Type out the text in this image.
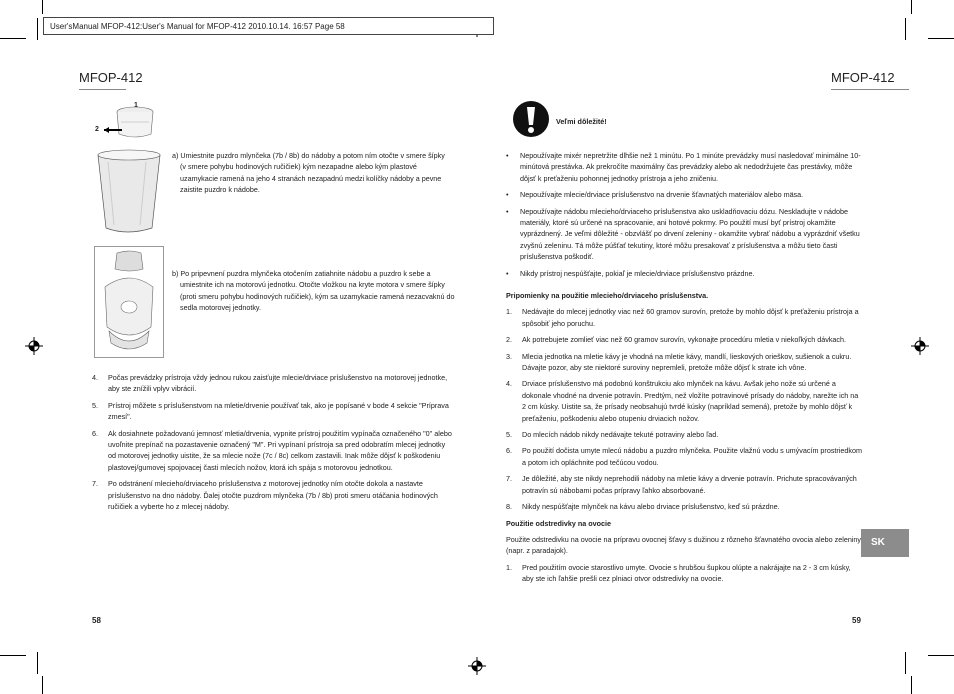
User'sManual MFOP-412:User's Manual for MFOP-412 2010.10.14. 16:57 Page 58
MFOP-412	MFOP-412
1
2
a) Umiestnite puzdro mlynčeka (7b / 8b) do nádoby a potom ním otočte v smere šípky (v smere pohybu hodinových ručičiek) kým nezapadne alebo kým plastové uzamykacie ramená na jeho 4 stranách nezapadnú medzi kolíčky nádoby a pevne zaistite puzdro k nádobe.
b) Po pripevnení puzdra mlynčeka otočením zatiahnite nádobu a puzdro k sebe a umiestnite ich na motorovú jednotku. Otočte vložkou na kryte motora v smere šípky (proti smeru pohybu hodinových ručičiek), kým sa uzamykacie ramená nezacvaknú do sedla motorovej jednotky.
4.	Počas prevádzky prístroja vždy jednou rukou zaisťujte mlecie/drviace príslušenstvo na motorovej jednotke, aby ste znížili vplyv vibrácií.
5.	Prístroj môžete s príslušenstvom na mletie/drvenie používať tak, ako je popísané v bode 4 sekcie "Príprava zmesí".
6.	Ak dosiahnete požadovanú jemnosť mletia/drvenia, vypnite prístroj použitím vypínača označeného "0" alebo uvoľnite prepínač na pozastavenie označený "M". Pri vypínaní prístroja sa pred odobratím mlecej jednotky od motorovej jednotky uistite, že sa mlecie nože (7c / 8c) celkom zastavili. Inak môže dôjsť k poškodeniu plastovej/gumovej spojovacej časti mlecích nožov, ktorá ich spája s motorovou jednotkou.
7.	Po odstránení mlecieho/drviaceho príslušenstva z motorovej jednotky ním otočte dokola a nastavte príslušenstvo na dno nádoby. Ďalej otočte puzdrom mlynčeka (7b / 8b) proti smeru otáčania hodinových ručičiek a vyberte ho z mlecej nádoby.
Veľmi dôležité!
•	Nepoužívajte mixér nepretržite dlhšie než 1 minútu. Po 1 minúte prevádzky musí nasledovať minimálne 10-minútová prestávka. Ak prekročíte maximálny čas prevádzky alebo ak nedodržujete čas prestávky, môže dôjsť k preťaženiu pohonnej jednotky prístroja a jeho zničeniu.
•	Nepoužívajte mlecie/drviace príslušenstvo na drvenie šťavnatých materiálov alebo mäsa.
•	Nepoužívajte nádobu mlecieho/drviaceho príslušenstva ako uskladňovaciu dózu. Neskladujte v nádobe materiály, ktoré sú určené na spracovanie, ani hotové pokrmy. Po použití musí byť prístroj okamžite vyprázdnený. Je veľmi dôležité - obzvlášť po drvení zeleniny - okamžite vybrať nádobu a vyprázdniť všetku zvyšnú zeleninu. Tá môže púšťať tekutiny, ktoré môžu presakovať z príslušenstva a môžu tieto časti príslušenstva poškodiť.
•	Nikdy prístroj nespúšťajte, pokiaľ je mlecie/drviace príslušenstvo prázdne.

Pripomienky na použitie mlecieho/drviaceho príslušenstva.

1.	Nedávajte do mlecej jednotky viac než 60 gramov surovín, pretože by mohlo dôjsť k preťaženiu prístroja a spôsobiť jeho poruchu.
2.	Ak potrebujete zomlieť viac než 60 gramov surovín, vykonajte procedúru mletia v niekoľkých dávkach.
3.	Mlecia jednotka na mletie kávy je vhodná na mletie kávy, mandlí, lieskových orieškov, sušienok a cukru. Dávajte pozor, aby ste niektoré suroviny nepremleli, pretože môže dôjsť k strate ich vône.
4.	Drviace príslušenstvo má podobnú konštrukciu ako mlynček na kávu. Avšak jeho nože sú určené a dokonale vhodné na drvenie potravín. Predtým, než vložíte potravinové prísady do nádoby, narežte ich na 2 cm kúsky. Uistite sa, že prísady neobsahujú tvrdé kúsky (napríklad semená), pretože by mohlo dôjsť k preťaženiu, poškodeniu alebo otupeniu drviacich nožov.
5.	Do mlecích nádob nikdy nedávajte tekuté potraviny alebo ľad.
6.	Po použití dočista umyte mlecú nádobu a puzdro mlynčeka. Použite vlažnú vodu s umývacím prostriedkom a potom ich opláchnite pod tečúcou vodou.
7.	Je dôležité, aby ste nikdy neprehodili nádoby na mletie kávy a drvenie potravín. Prichute spracovávaných potravín sú nábobami počas prípravy ľahko absorbované.
8.	Nikdy nespúšťajte mlynček na kávu alebo drviace príslušenstvo, keď sú prázdne.

Použitie odstredivky na ovocie

Použite odstredivku na ovocie na prípravu ovocnej šťavy s dužinou z rôzneho šťavnatého ovocia alebo zeleniny (napr. z paradajok).

1.	Pred použitím ovocie starostlivo umyte. Ovocie s hrubšou šupkou olúpte a nakrájajte na 2 - 3 cm kúsky, aby ste ich ľahšie prešli cez plniaci otvor odstredivky na ovocie.
SK
58	59
